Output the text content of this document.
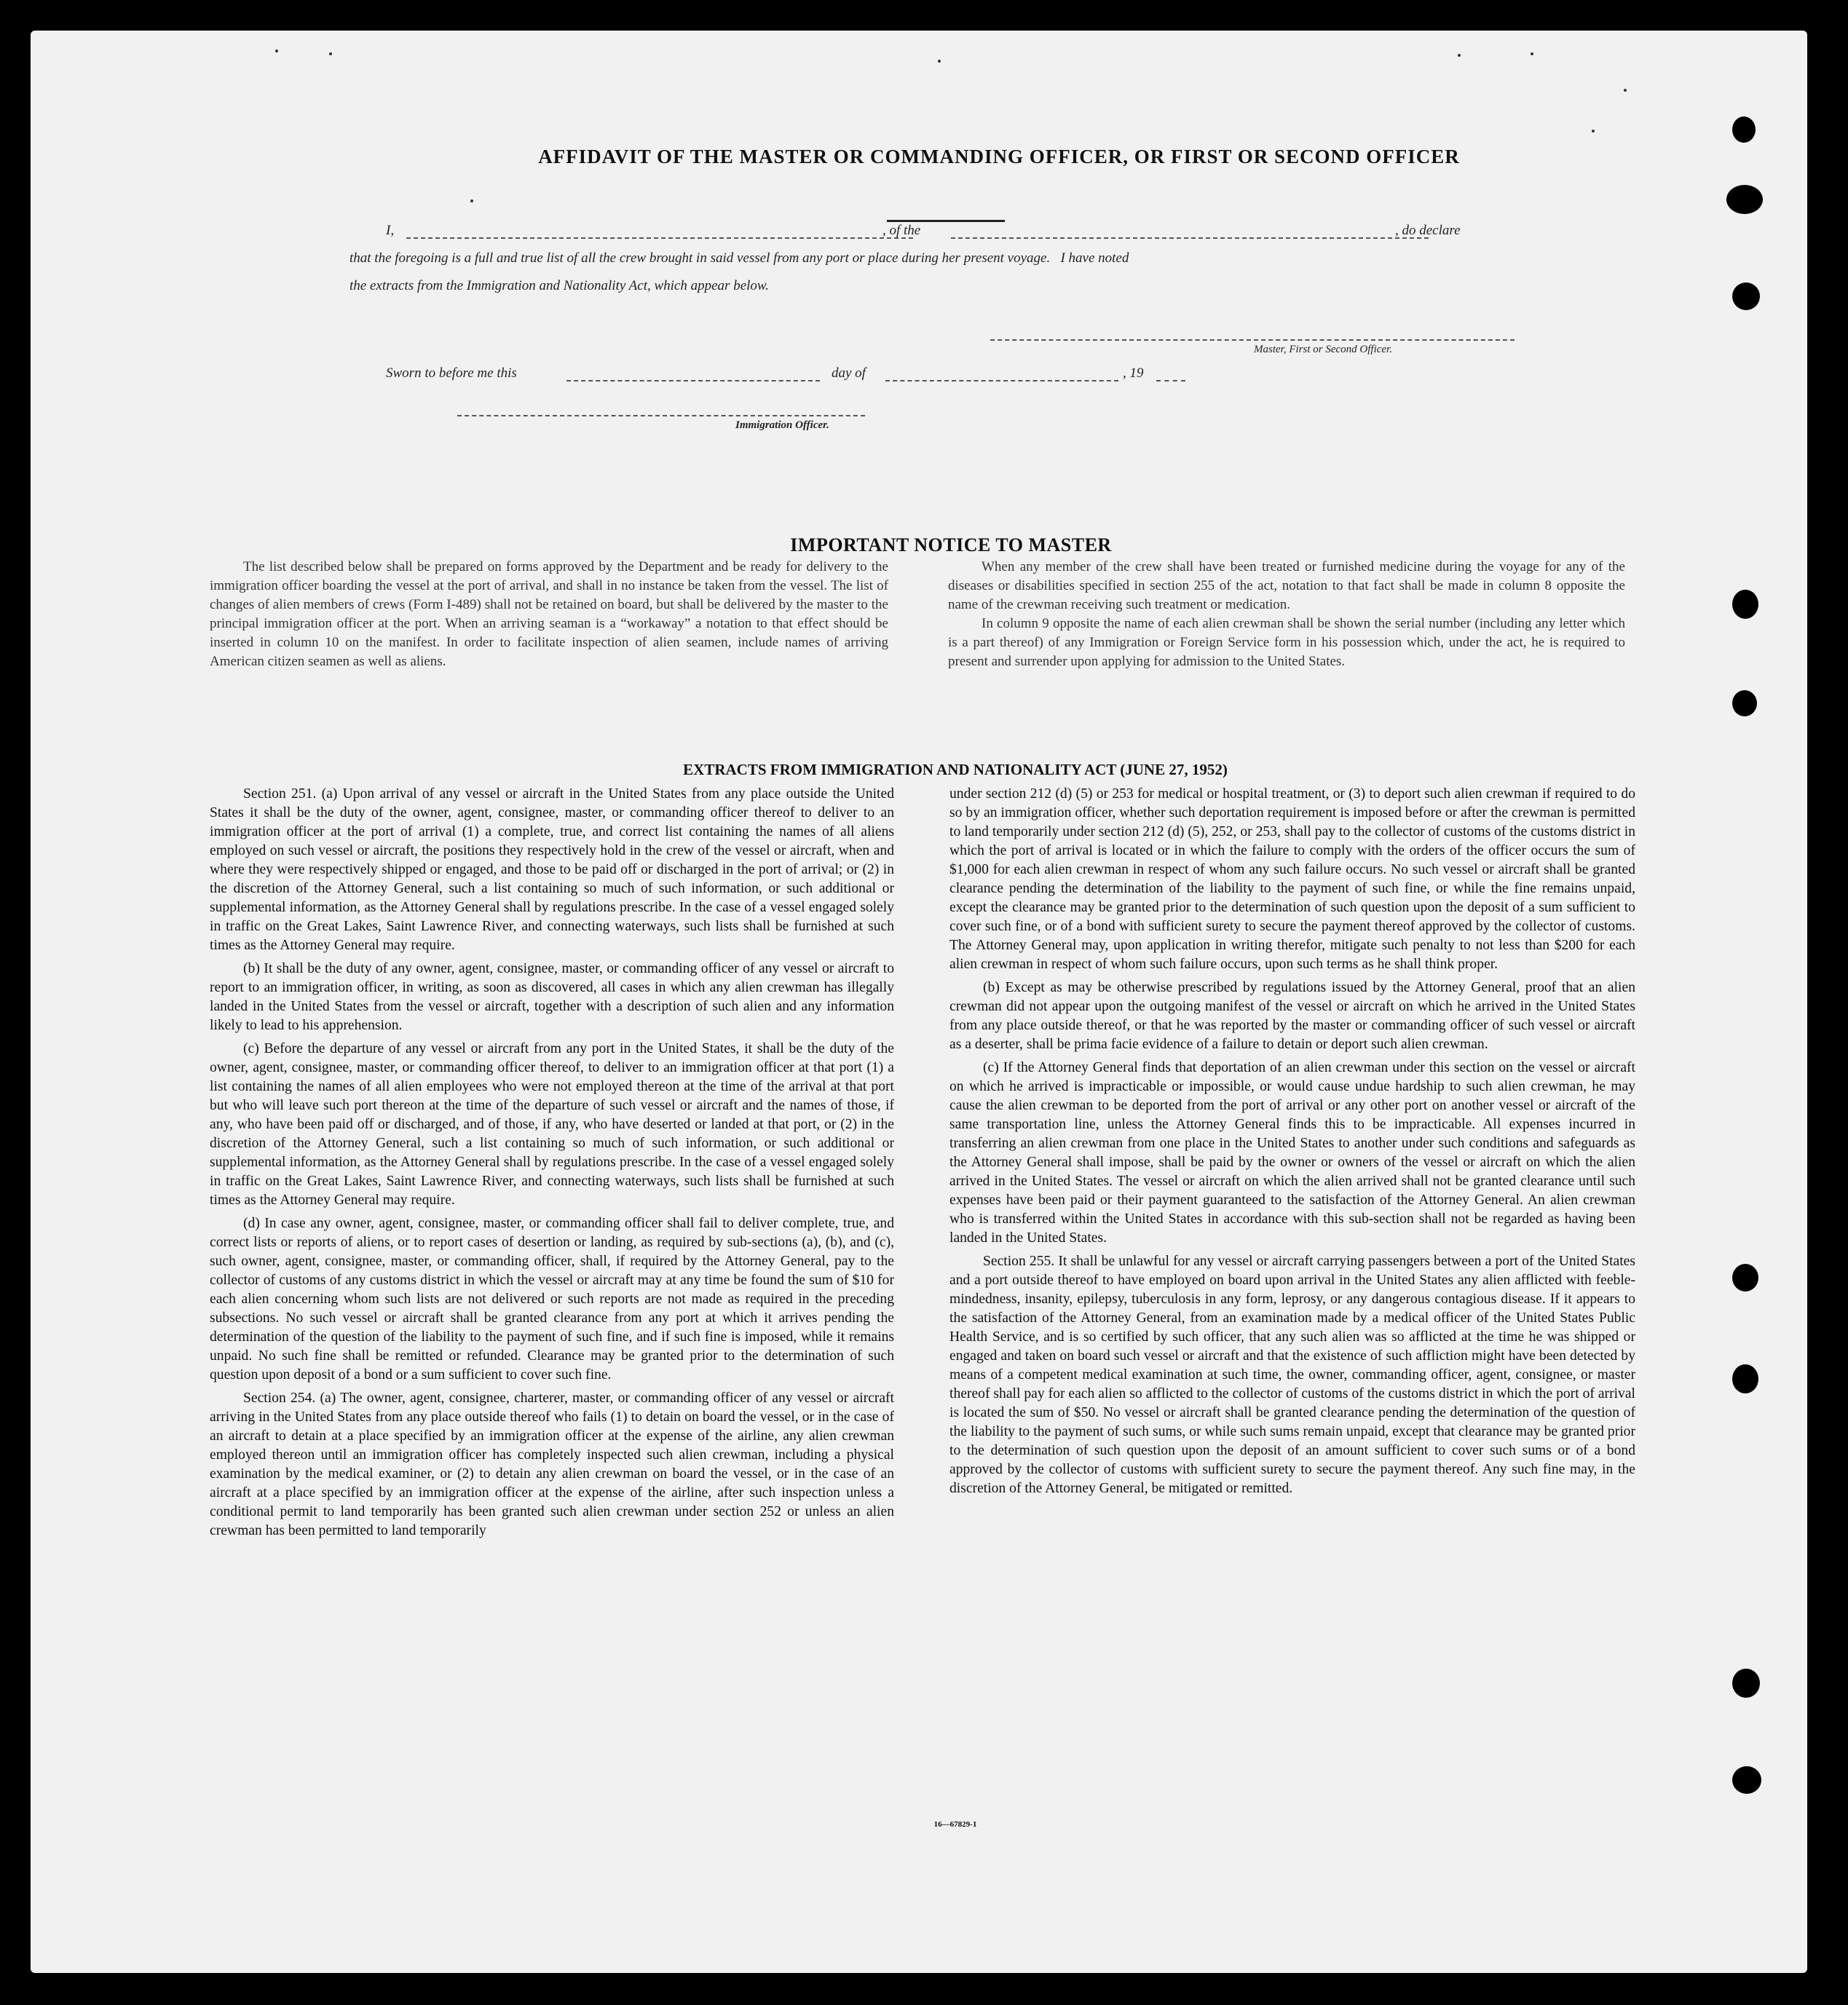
AFFIDAVIT OF THE MASTER OR COMMANDING OFFICER, OR FIRST OR SECOND OFFICER
I,	, of the	, do declare
that the foregoing is a full and true list of all the crew brought in said vessel from any port or place during her present voyage.   I have noted
the extracts from the Immigration and Nationality Act, which appear below.
Master, First or Second Officer.
Sworn to before me this	day of	, 19
Immigration Officer.
IMPORTANT NOTICE TO MASTER

The list described below shall be prepared on forms approved by the Department and be ready for delivery to the immigration officer boarding the vessel at the port of arrival, and shall in no instance be taken from the vessel. The list of changes of alien members of crews (Form I-489) shall not be retained on board, but shall be delivered by the master to the principal immigration officer at the port. When an arriving seaman is a “workaway” a notation to that effect should be inserted in column 10 on the manifest. In order to facilitate inspection of alien seamen, include names of arriving American citizen seamen as well as aliens.

When any member of the crew shall have been treated or furnished medicine during the voyage for any of the diseases or disabilities specified in section 255 of the act, notation to that fact shall be made in column 8 opposite the name of the crewman receiving such treatment or medication.

In column 9 opposite the name of each alien crewman shall be shown the serial number (including any letter which is a part thereof) of any Immigration or Foreign Service form in his possession which, under the act, he is required to present and surrender upon applying for admission to the United States.

EXTRACTS FROM IMMIGRATION AND NATIONALITY ACT (JUNE 27, 1952)

Section 251. (a) Upon arrival of any vessel or aircraft in the United States from any place outside the United States it shall be the duty of the owner, agent, consignee, master, or commanding officer thereof to deliver to an immigration officer at the port of arrival (1) a complete, true, and correct list containing the names of all aliens employed on such vessel or aircraft, the positions they respectively hold in the crew of the vessel or aircraft, when and where they were respectively shipped or engaged, and those to be paid off or discharged in the port of arrival; or (2) in the discretion of the Attorney General, such a list containing so much of such information, or such additional or supplemental information, as the Attorney General shall by regulations prescribe. In the case of a vessel engaged solely in traffic on the Great Lakes, Saint Lawrence River, and connecting waterways, such lists shall be furnished at such times as the Attorney General may require.

(b) It shall be the duty of any owner, agent, consignee, master, or commanding officer of any vessel or aircraft to report to an immigration officer, in writing, as soon as discovered, all cases in which any alien crewman has illegally landed in the United States from the vessel or aircraft, together with a description of such alien and any information likely to lead to his apprehension.

(c) Before the departure of any vessel or aircraft from any port in the United States, it shall be the duty of the owner, agent, consignee, master, or commanding officer thereof, to deliver to an immigration officer at that port (1) a list containing the names of all alien employees who were not employed thereon at the time of the arrival at that port but who will leave such port thereon at the time of the departure of such vessel or aircraft and the names of those, if any, who have been paid off or discharged, and of those, if any, who have deserted or landed at that port, or (2) in the discretion of the Attorney General, such a list containing so much of such information, or such additional or supplemental information, as the Attorney General shall by regulations prescribe. In the case of a vessel engaged solely in traffic on the Great Lakes, Saint Lawrence River, and connecting waterways, such lists shall be furnished at such times as the Attorney General may require.

(d) In case any owner, agent, consignee, master, or commanding officer shall fail to deliver complete, true, and correct lists or reports of aliens, or to report cases of desertion or landing, as required by sub-sections (a), (b), and (c), such owner, agent, consignee, master, or commanding officer, shall, if required by the Attorney General, pay to the collector of customs of any customs district in which the vessel or aircraft may at any time be found the sum of $10 for each alien concerning whom such lists are not delivered or such reports are not made as required in the preceding subsections. No such vessel or aircraft shall be granted clearance from any port at which it arrives pending the determination of the question of the liability to the payment of such fine, and if such fine is imposed, while it remains unpaid. No such fine shall be remitted or refunded. Clearance may be granted prior to the determination of such question upon deposit of a bond or a sum sufficient to cover such fine.

Section 254. (a) The owner, agent, consignee, charterer, master, or commanding officer of any vessel or aircraft arriving in the United States from any place outside thereof who fails (1) to detain on board the vessel, or in the case of an aircraft to detain at a place specified by an immigration officer at the expense of the airline, any alien crewman employed thereon until an immigration officer has completely inspected such alien crewman, including a physical examination by the medical examiner, or (2) to detain any alien crewman on board the vessel, or in the case of an aircraft at a place specified by an immigration officer at the expense of the airline, after such inspection unless a conditional permit to land temporarily has been granted such alien crewman under section 252 or unless an alien crewman has been permitted to land temporarily

under section 212 (d) (5) or 253 for medical or hospital treatment, or (3) to deport such alien crewman if required to do so by an immigration officer, whether such deportation requirement is imposed before or after the crewman is permitted to land temporarily under section 212 (d) (5), 252, or 253, shall pay to the collector of customs of the customs district in which the port of arrival is located or in which the failure to comply with the orders of the officer occurs the sum of $1,000 for each alien crewman in respect of whom any such failure occurs. No such vessel or aircraft shall be granted clearance pending the determination of the liability to the payment of such fine, or while the fine remains unpaid, except the clearance may be granted prior to the determination of such question upon the deposit of a sum sufficient to cover such fine, or of a bond with sufficient surety to secure the payment thereof approved by the collector of customs. The Attorney General may, upon application in writing therefor, mitigate such penalty to not less than $200 for each alien crewman in respect of whom such failure occurs, upon such terms as he shall think proper.

(b) Except as may be otherwise prescribed by regulations issued by the Attorney General, proof that an alien crewman did not appear upon the outgoing manifest of the vessel or aircraft on which he arrived in the United States from any place outside thereof, or that he was reported by the master or commanding officer of such vessel or aircraft as a deserter, shall be prima facie evidence of a failure to detain or deport such alien crewman.

(c) If the Attorney General finds that deportation of an alien crewman under this section on the vessel or aircraft on which he arrived is impracticable or impossible, or would cause undue hardship to such alien crewman, he may cause the alien crewman to be deported from the port of arrival or any other port on another vessel or aircraft of the same transportation line, unless the Attorney General finds this to be impracticable. All expenses incurred in transferring an alien crewman from one place in the United States to another under such conditions and safeguards as the Attorney General shall impose, shall be paid by the owner or owners of the vessel or aircraft on which the alien arrived in the United States. The vessel or aircraft on which the alien arrived shall not be granted clearance until such expenses have been paid or their payment guaranteed to the satisfaction of the Attorney General. An alien crewman who is transferred within the United States in accordance with this sub-section shall not be regarded as having been landed in the United States.

Section 255. It shall be unlawful for any vessel or aircraft carrying passengers between a port of the United States and a port outside thereof to have employed on board upon arrival in the United States any alien afflicted with feeble-mindedness, insanity, epilepsy, tuberculosis in any form, leprosy, or any dangerous contagious disease. If it appears to the satisfaction of the Attorney General, from an examination made by a medical officer of the United States Public Health Service, and is so certified by such officer, that any such alien was so afflicted at the time he was shipped or engaged and taken on board such vessel or aircraft and that the existence of such affliction might have been detected by means of a competent medical examination at such time, the owner, commanding officer, agent, consignee, or master thereof shall pay for each alien so afflicted to the collector of customs of the customs district in which the port of arrival is located the sum of $50. No vessel or aircraft shall be granted clearance pending the determination of the question of the liability to the payment of such sums, or while such sums remain unpaid, except that clearance may be granted prior to the determination of such question upon the deposit of an amount sufficient to cover such sums or of a bond approved by the collector of customs with sufficient surety to secure the payment thereof. Any such fine may, in the discretion of the Attorney General, be mitigated or remitted.

16—67829-1
